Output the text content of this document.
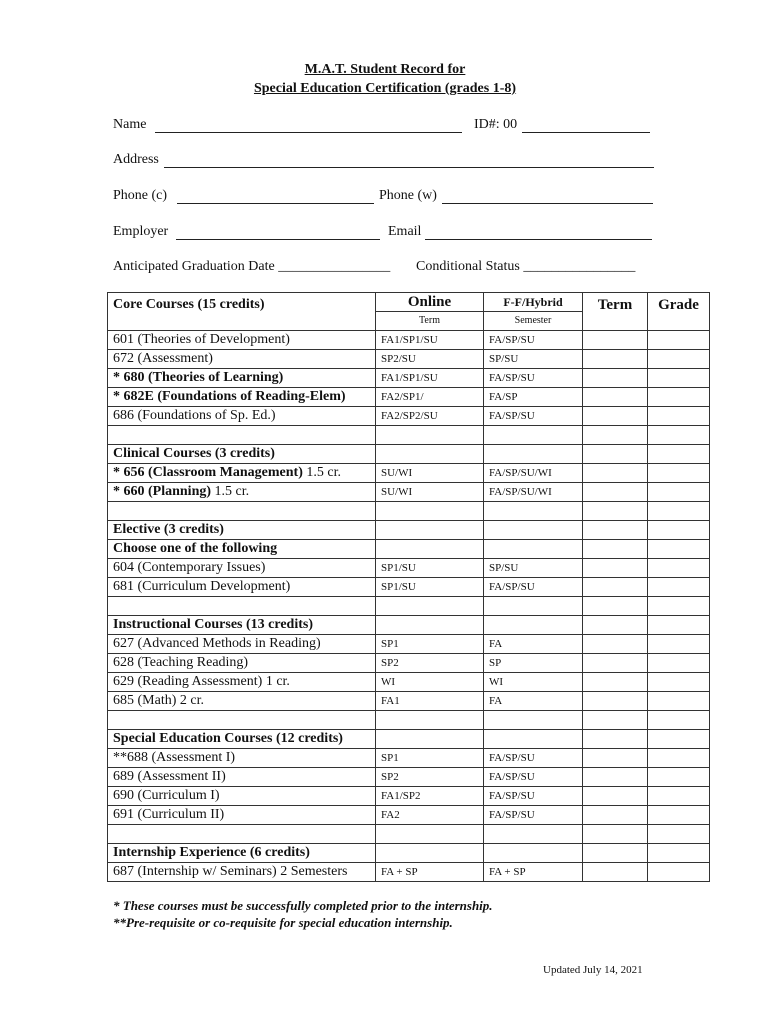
M.A.T. Student Record for
Special Education Certification (grades 1-8)
Name	ID#: 00
Address
Phone (c)	Phone (w)
Employer	Email
Anticipated Graduation Date ________________ Conditional Status ________________
Core Courses (15 credits)	Online	F-F/Hybrid	Term	Grade
	Term	Semester		
601 (Theories of Development)	FA1/SP1/SU	FA/SP/SU		
672 (Assessment)	SP2/SU	SP/SU		
* 680 (Theories of Learning)	FA1/SP1/SU	FA/SP/SU		
* 682E (Foundations of Reading-Elem)	FA2/SP1/	FA/SP		
686 (Foundations of Sp. Ed.)	FA2/SP2/SU	FA/SP/SU		

Clinical Courses (3 credits)				
* 656 (Classroom Management) 1.5 cr.	SU/WI	FA/SP/SU/WI		
* 660 (Planning) 1.5 cr.	SU/WI	FA/SP/SU/WI		

Elective (3 credits)				
Choose one of the following				
604 (Contemporary Issues)	SP1/SU	SP/SU		
681 (Curriculum Development)	SP1/SU	FA/SP/SU		

Instructional Courses (13 credits)				
627 (Advanced Methods in Reading)	SP1	FA		
628 (Teaching Reading)	SP2	SP		
629 (Reading Assessment) 1 cr.	WI	WI		
685 (Math) 2 cr.	FA1	FA		

Special Education Courses (12 credits)				
**688 (Assessment I)	SP1	FA/SP/SU		
689 (Assessment II)	SP2	FA/SP/SU		
690 (Curriculum I)	FA1/SP2	FA/SP/SU		
691 (Curriculum II)	FA2	FA/SP/SU		

Internship Experience (6 credits)				
687 (Internship w/ Seminars) 2 Semesters	FA + SP	FA + SP		
* These courses must be successfully completed prior to the internship.
**Pre-requisite or co-requisite for special education internship.
Updated July 14, 2021
